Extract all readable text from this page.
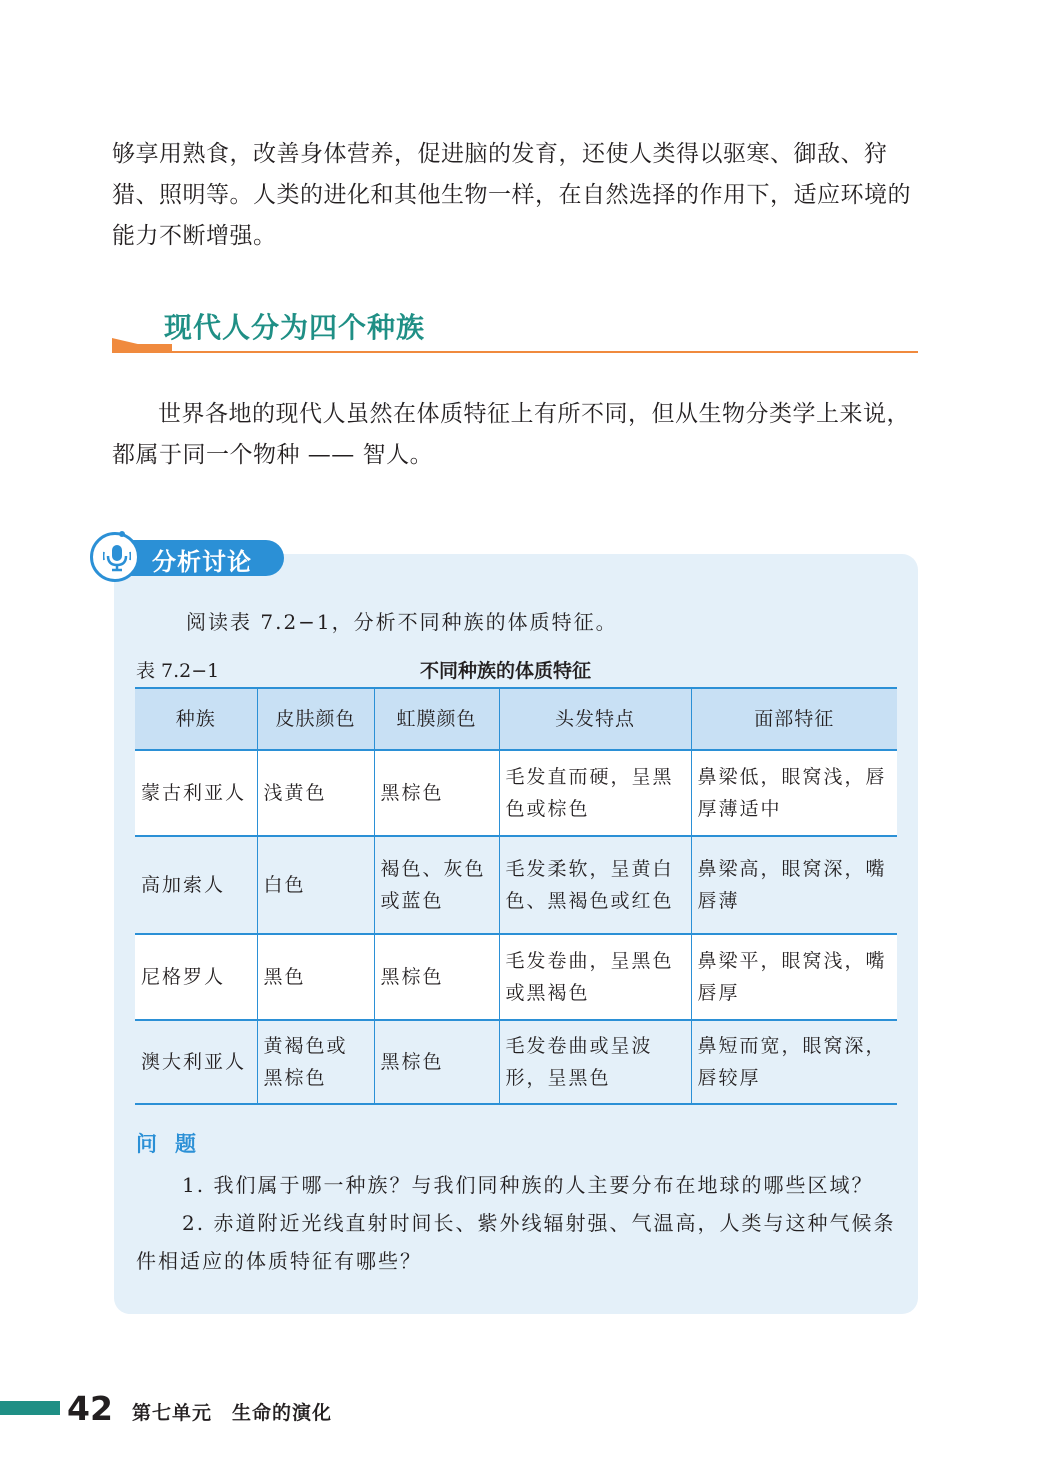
够享用熟食，改善身体营养，促进脑的发育，还使人类得以驱寒、御敌、狩猎、照明等。人类的进化和其他生物一样，在自然选择的作用下，适应环境的能力不断增强。
现代人分为四个种族
世界各地的现代人虽然在体质特征上有所不同，但从生物分类学上来说，都属于同一个物种 —— 智人。
分析讨论
阅读表 7.2−1，分析不同种族的体质特征。
表 7.2−1	不同种族的体质特征
种族	皮肤颜色	虹膜颜色	头发特点	面部特征
蒙古利亚人	浅黄色	黑棕色	毛发直而硬，呈黑色或棕色	鼻梁低，眼窝浅，唇厚薄适中
高加索人	白色	褐色、灰色或蓝色	毛发柔软，呈黄白色、黑褐色或红色	鼻梁高，眼窝深，嘴唇薄
尼格罗人	黑色	黑棕色	毛发卷曲，呈黑色或黑褐色	鼻梁平，眼窝浅，嘴唇厚
澳大利亚人	黄褐色或黑棕色	黑棕色	毛发卷曲或呈波形，呈黑色	鼻短而宽，眼窝深，唇较厚
问题
1. 我们属于哪一种族？与我们同种族的人主要分布在地球的哪些区域？
2. 赤道附近光线直射时间长、紫外线辐射强、气温高，人类与这种气候条件相适应的体质特征有哪些？
42 第七单元 生命的演化
